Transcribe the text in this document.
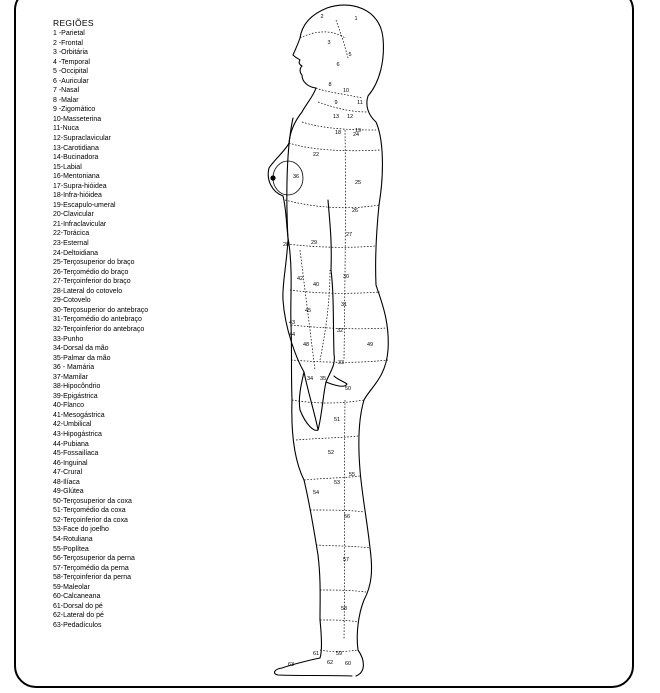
REGIÕES
1 -Parietal
2 -Frontal
3 -Orbitária
4 -Temporal
5 -Occipital
6 -Auricular
7 -Nasal
8 -Malar
9 -Zigomático
10-Masseterina
11-Nuca
12-Supraclavicular
13-Carotidiana
14-Bucinadora
15-Labial
16-Mentoniana
17-Supra-hióidea
18-Infra-hióidea
19-Escapulo-umeral
20-Clavicular
21-Infraclavicular
22-Torácica
23-Esternal
24-Deltoidiana
25-Terçosuperior do braço
26-Terçomédio do braço
27-Terçoinferior do braço
28-Lateral do cotovelo
29-Cotovelo
30-Terçosuperior do antebraço
31-Terçomédio do antebraço
32-Terçoinferior do antebraço
33-Punho
34-Dorsal da mão
35-Palmar da mão
36 - Mamária
37-Mamilar
38-Hipocôndrio
39-Epigástrica
40-Flanco
41-Mesogástrica
42-Umbilical
43-Hipogástrica
44-Pubiana
45-Fossailíaca
46-Inguinal
47-Crural
48-Ilíaca
49-Glútea
50-Terçosuperior da coxa
51-Terçomédio da coxa
52-Terçoinferior da coxa
53-Face do joelho
54-Rotuliana
55-Poplítea
56-Terçosuperior da perna
57-Terçomédio da perna
58-Terçoinferior da perna
59-Maleolar
60-Calcaneana
61-Dorsal do pé
62-Lateral do pé
63-Pedadículos
1
2
3
5
6
8
9
10
11
12
13
18	19
22
24
25
26
27
28	29
30
31
32
33
34 35
36
40
42
43
44
45
48	49
50
51
52
53
54
55
56
57
58
59
60
61
62
63
